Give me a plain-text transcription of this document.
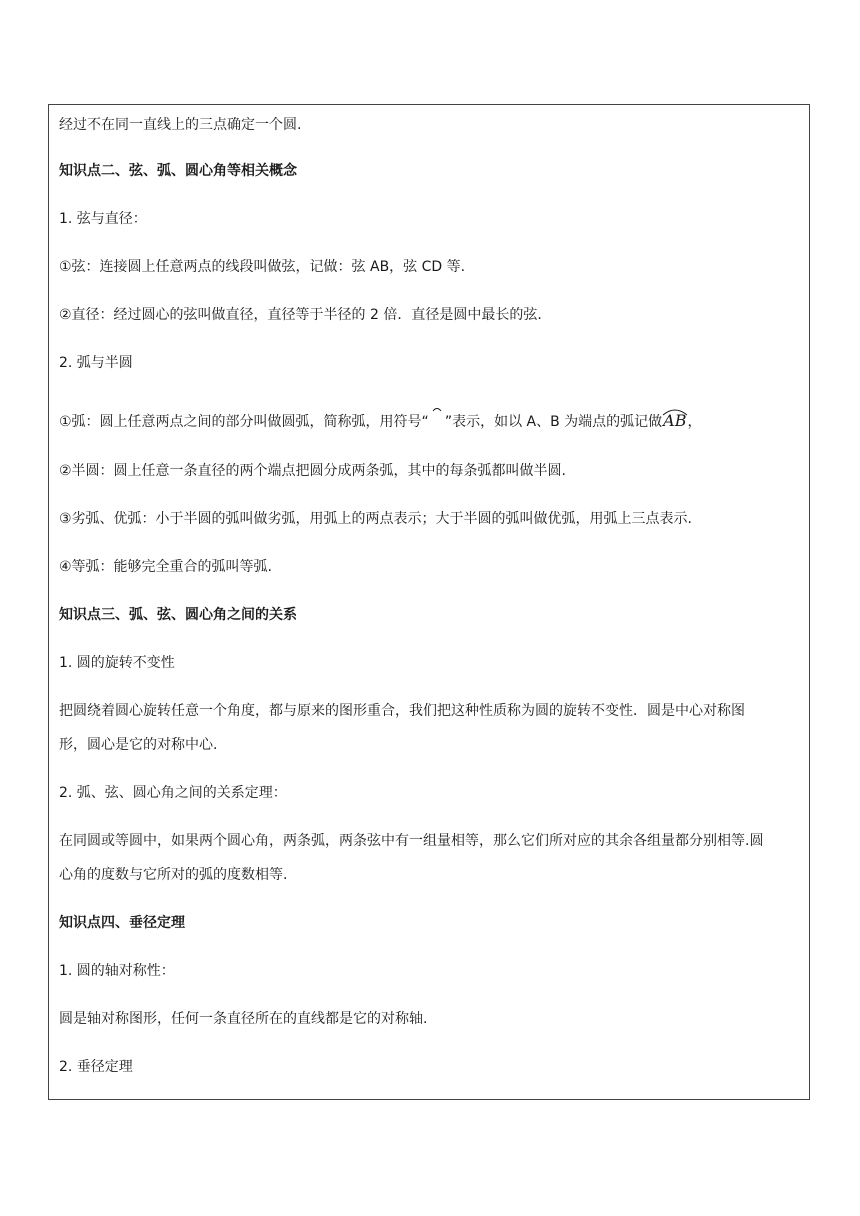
经过不在同一直线上的三点确定一个圆.

知识点二、弦、弧、圆心角等相关概念

1. 弦与直径：

①弦：连接圆上任意两点的线段叫做弦，记做：弦 AB，弦 CD 等.

②直径：经过圆心的弦叫做直径，直径等于半径的 2 倍．直径是圆中最长的弦.

2. 弧与半圆

①弧：圆上任意两点之间的部分叫做圆弧，简称弧，用符号“ ”表示，如以 A、B 为端点的弧记做
AB，

②半圆：圆上任意一条直径的两个端点把圆分成两条弧，其中的每条弧都叫做半圆.

③劣弧、优弧：小于半圆的弧叫做劣弧，用弧上的两点表示；大于半圆的弧叫做优弧，用弧上三点表示.

④等弧：能够完全重合的弧叫等弧.

知识点三、弧、弦、圆心角之间的关系

1. 圆的旋转不变性

把圆绕着圆心旋转任意一个角度，都与原来的图形重合，我们把这种性质称为圆的旋转不变性．圆是中心对称图

形，圆心是它的对称中心.

2. 弧、弦、圆心角之间的关系定理：

在同圆或等圆中，如果两个圆心角，两条弧，两条弦中有一组量相等，那么它们所对应的其余各组量都分别相等.圆

心角的度数与它所对的弧的度数相等.

知识点四、垂径定理

1. 圆的轴对称性：

圆是轴对称图形，任何一条直径所在的直线都是它的对称轴.

2. 垂径定理
